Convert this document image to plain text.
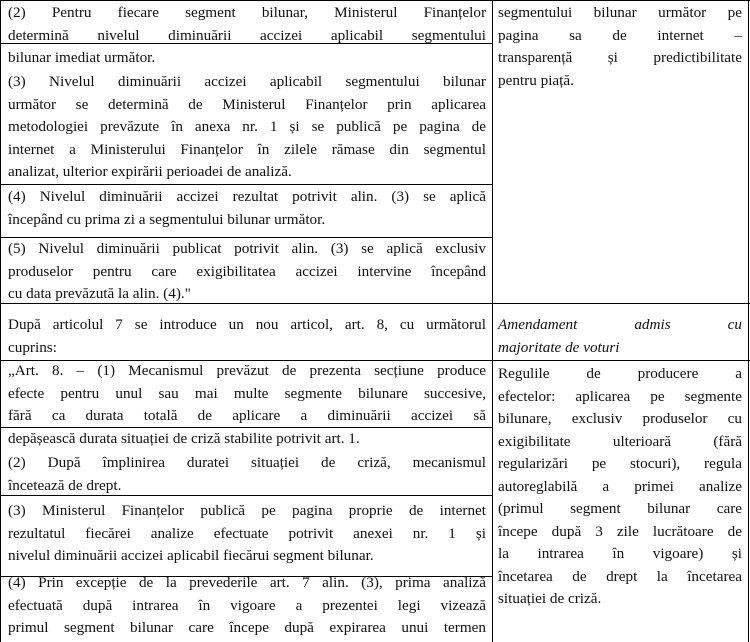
(2) Pentru fiecare segment bilunar, Ministerul Finanțelor
determină nivelul diminuării accizei aplicabil segmentului
bilunar imediat următor.
(3) Nivelul diminuării accizei aplicabil segmentului bilunar
următor se determină de Ministerul Finanțelor prin aplicarea
metodologiei prevăzute în anexa nr. 1 și se publică pe pagina de
internet a Ministerului Finanțelor în zilele rămase din segmentul
analizat, ulterior expirării perioadei de analiză.
(4) Nivelul diminuării accizei rezultat potrivit alin. (3) se aplică
începând cu prima zi a segmentului bilunar următor.
(5) Nivelul diminuării publicat potrivit alin. (3) se aplică exclusiv
produselor pentru care exigibilitatea accizei intervine începând
cu data prevăzută la alin. (4)."
segmentului bilunar următor pe
pagina sa de internet –
transparență și predictibilitate
pentru piață.
După articolul 7 se introduce un nou articol, art. 8, cu următorul
cuprins:
„Art. 8. – (1) Mecanismul prevăzut de prezenta secțiune produce
efecte pentru unul sau mai multe segmente bilunare succesive,
fără ca durata totală de aplicare a diminuării accizei să
depășească durata situației de criză stabilite potrivit art. 1.
(2) După împlinirea duratei situației de criză, mecanismul
încetează de drept.
(3) Ministerul Finanțelor publică pe pagina proprie de internet
rezultatul fiecărei analize efectuate potrivit anexei nr. 1 și
nivelul diminuării accizei aplicabil fiecărui segment bilunar.
(4) Prin excepție de la prevederile art. 7 alin. (3), prima analiză
efectuată după intrarea în vigoare a prezentei legi vizează
primul segment bilunar care începe după expirarea unui termen
Amendament admis cu
majoritate de voturi
Regulile de producere a
efectelor: aplicarea pe segmente
bilunare, exclusiv produselor cu
exigibilitate ulterioară (fără
regularizări pe stocuri), regula
autoreglabilă a primei analize
(primul segment bilunar care
începe după 3 zile lucrătoare de
la intrarea în vigoare) și
încetarea de drept la încetarea
situației de criză.
